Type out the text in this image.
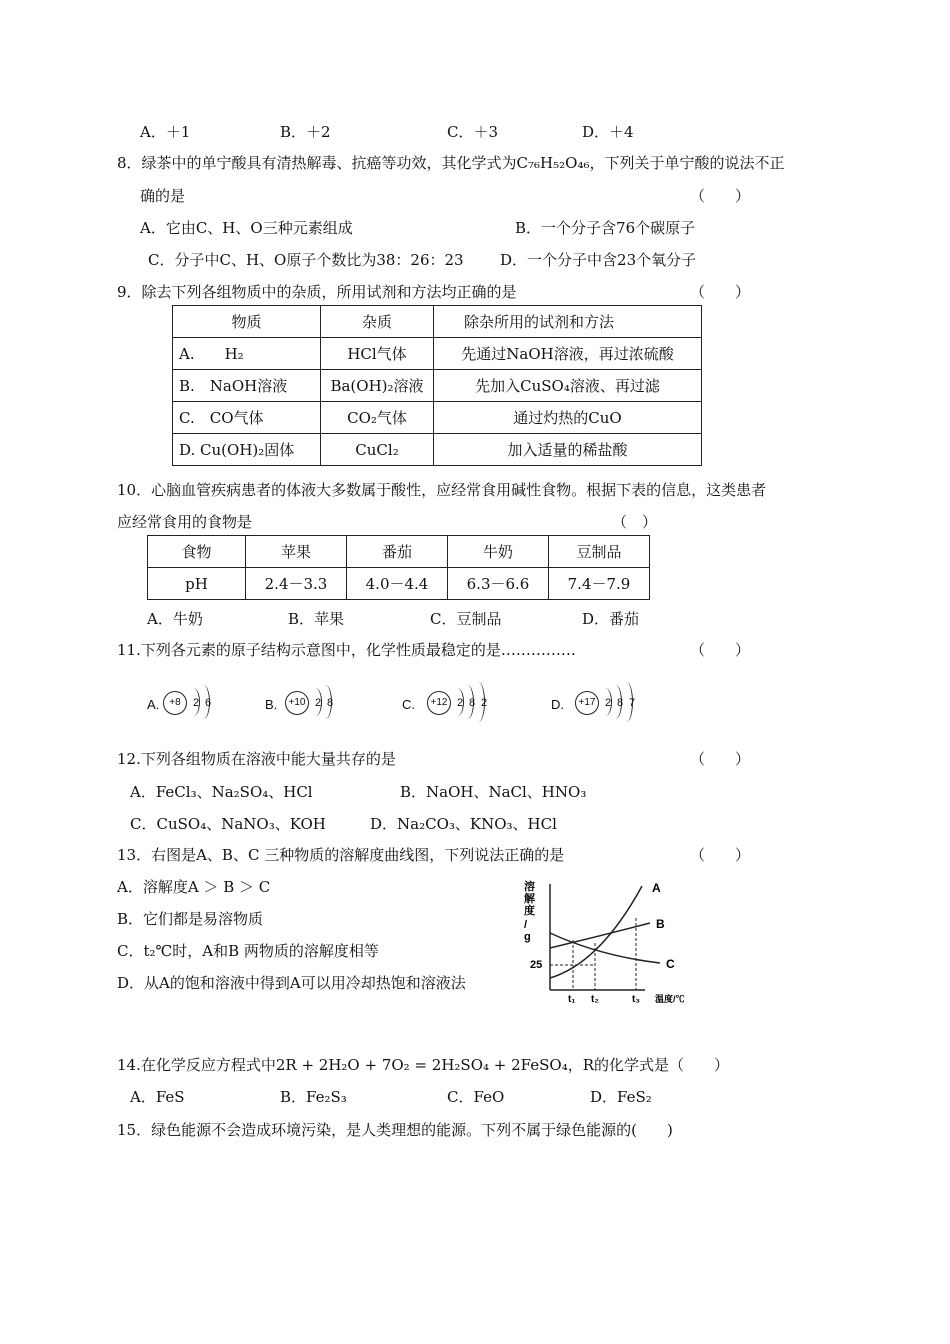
A．＋1	B．＋2	C．＋3	D．＋4
8．绿茶中的单宁酸具有清热解毒、抗癌等功效，其化学式为C₇₆H₅₂O₄₆，下列关于单宁酸的说法不正
确的是	（　　）
A．它由C、H、O三种元素组成	B．一个分子含76个碳原子
C．分子中C、H、O原子个数比为38：26：23 D．一个分子中含23个氧分子
9．除去下列各组物质中的杂质，所用试剂和方法均正确的是	（　　）
物质	杂质	除杂所用的试剂和方法
A.　　H₂	HCl气体	先通过NaOH溶液，再过浓硫酸
B.　NaOH溶液	Ba(OH)₂溶液	先加入CuSO₄溶液、再过滤
C.　CO气体	CO₂气体	通过灼热的CuO
D. Cu(OH)₂固体	CuCl₂	加入适量的稀盐酸
10．心脑血管疾病患者的体液大多数属于酸性，应经常食用碱性食物。根据下表的信息，这类患者
应经常食用的食物是	（　）
食物	苹果	番茄	牛奶	豆制品
pH	2.4－3.3	4.0－4.4	6.3－6.6	7.4－7.9
A．牛奶	B．苹果	C．豆制品	D．番茄
11.下列各元素的原子结构示意图中，化学性质最稳定的是……………	（　　）
A.	+8	2 6	B.	+10 2 8	C.	+12 2 8 2	D.	+17 2 8 7
12.下列各组物质在溶液中能大量共存的是	（　　）
A．FeCl₃、Na₂SO₄、HCl	B．NaOH、NaCl、HNO₃
C．CuSO₄、NaNO₃、KOH	D．Na₂CO₃、KNO₃、HCl
13．右图是A、B、C 三种物质的溶解度曲线图，下列说法正确的是	（　　）
A．溶解度A ＞ B ＞ C
B．它们都是易溶物质
C．t₂℃时，A和B 两物质的溶解度相等
D．从A的饱和溶液中得到A可以用冷却热饱和溶液法
溶 解 度 / g
25
t₁ t₂	t₃ 温度/℃
A
B
C
14.在化学反应方程式中2R + 2H₂O + 7O₂ = 2H₂SO₄ + 2FeSO₄，R的化学式是（　　）
A．FeS	B．Fe₂S₃	C．FeO	D．FeS₂
15．绿色能源不会造成环境污染，是人类理想的能源。下列不属于绿色能源的(　　)
